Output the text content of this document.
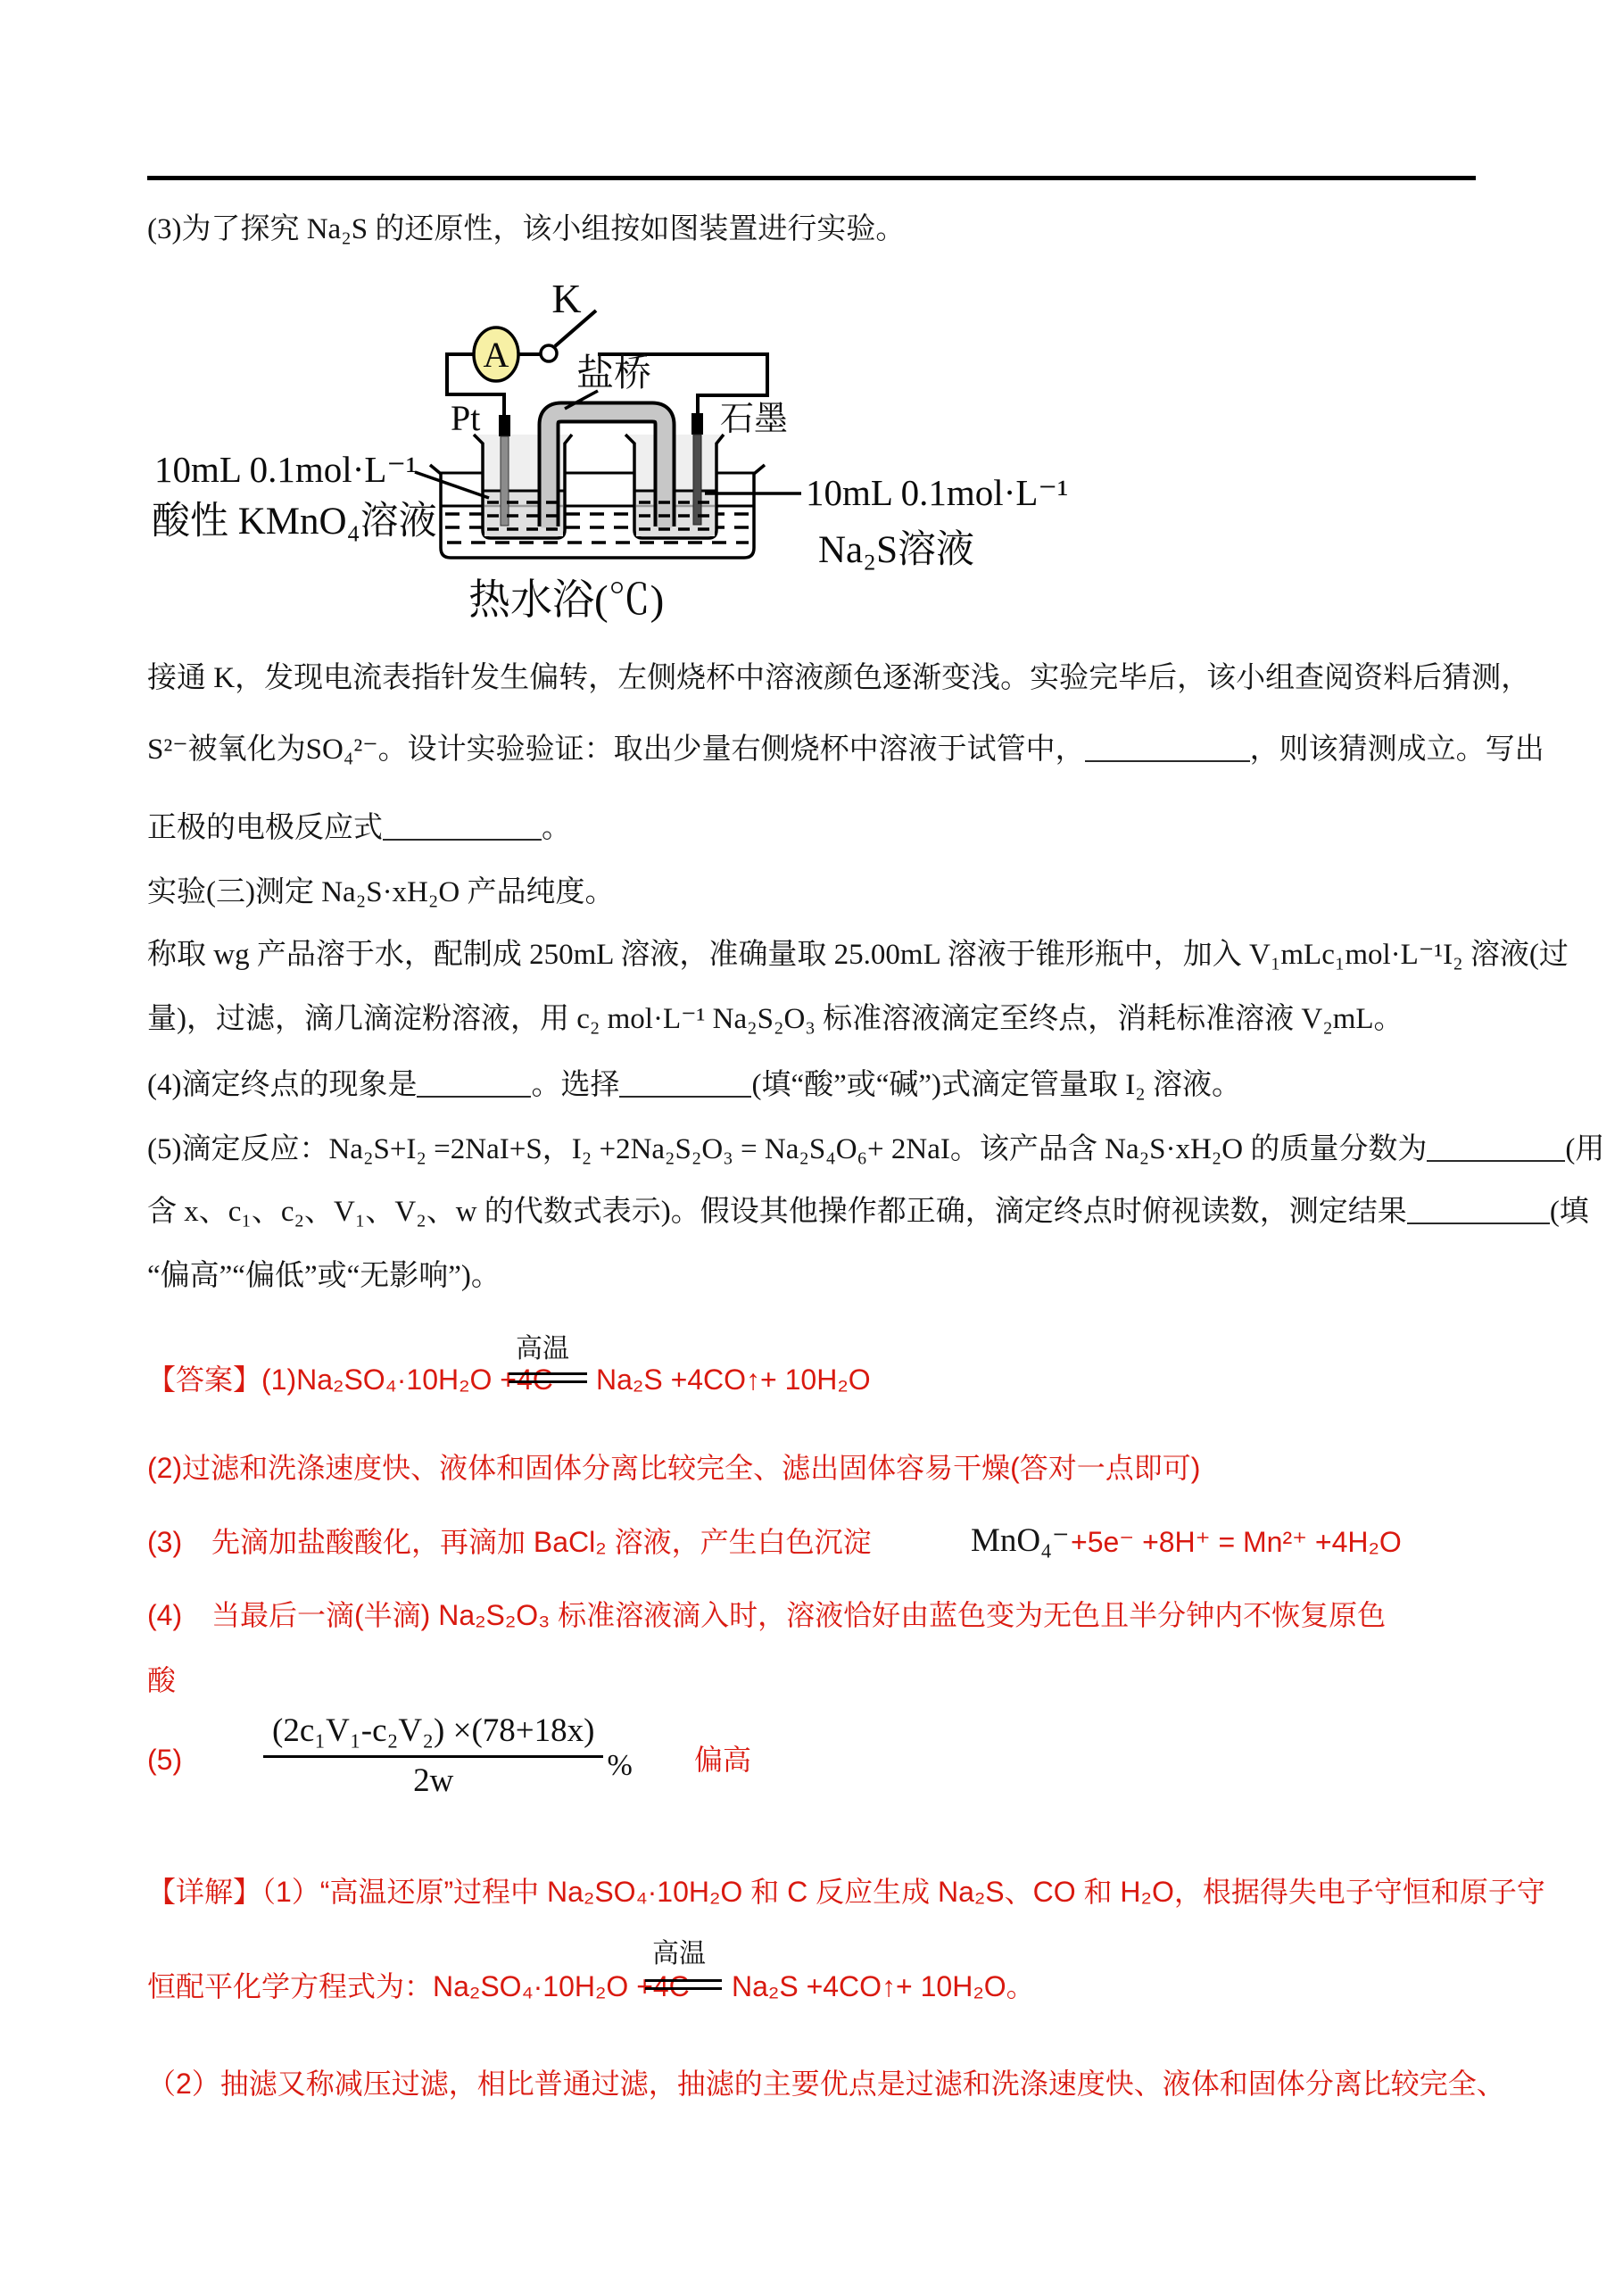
(3)为了探究 Na₂S 的还原性，该小组按如图装置进行实验。
A
K
Pt	石墨
盐桥
10mL 0.1mol·L⁻¹
酸性 KMnO₄溶液
10mL 0.1mol·L⁻¹
Na₂S溶液
热水浴(℃)
接通 K，发现电流表指针发生偏转，左侧烧杯中溶液颜色逐渐变浅。实验完毕后，该小组查阅资料后猜测，
S²⁻被氧化为SO₄²⁻。设计实验验证：取出少量右侧烧杯中溶液于试管中，	，则该猜测成立。写出
正极的电极反应式	。
实验(三)测定 Na₂S·xH₂O 产品纯度。
称取 wg 产品溶于水，配制成 250mL 溶液，准确量取 25.00mL 溶液于锥形瓶中，加入 V₁mLc₁mol·L⁻¹I₂ 溶液(过
量)，过滤，滴几滴淀粉溶液，用 c₂ mol·L⁻¹ Na₂S₂O₃ 标准溶液滴定至终点，消耗标准溶液 V₂mL。
(4)滴定终点的现象是	。选择	(填“酸”或“碱”)式滴定管量取 I₂ 溶液。
(5)滴定反应：Na₂S+I₂ =2NaI+S，I₂ +2Na₂S₂O₃ = Na₂S₄O₆+ 2NaI。该产品含 Na₂S·xH₂O 的质量分数为	(用
含 x、c₁、c₂、V₁、V₂、w 的代数式表示)。假设其他操作都正确，滴定终点时俯视读数，测定结果	(填
“偏高”“偏低”或“无影响”)。
【答案】(1)Na₂SO₄·10H₂O +4C
高温
Na₂S +4CO↑+ 10H₂O
(2)过滤和洗涤速度快、液体和固体分离比较完全、滤出固体容易干燥(答对一点即可)
(3) 先滴加盐酸酸化，再滴加 BaCl₂ 溶液，产生白色沉淀	MnO₄⁻ +5e⁻ +8H⁺ = Mn²⁺ +4H₂O
(4) 当最后一滴(半滴) Na₂S₂O₃ 标准溶液滴入时，溶液恰好由蓝色变为无色且半分钟内不恢复原色
酸
$(5) \frac{\text{(2c₁V₁-c₂V₂) ×(78+18x)}}{2w}$ % 偏高
【详解】（1）“高温还原”过程中 Na₂SO₄·10H₂O 和 C 反应生成 Na₂S、CO 和 H₂O，根据得失电子守恒和原子守
恒配平化学方程式为：Na₂SO₄·10H₂O +4C
高温
Na₂S +4CO↑+ 10H₂O。
（2）抽滤又称减压过滤，相比普通过滤，抽滤的主要优点是过滤和洗涤速度快、液体和固体分离比较完全、
